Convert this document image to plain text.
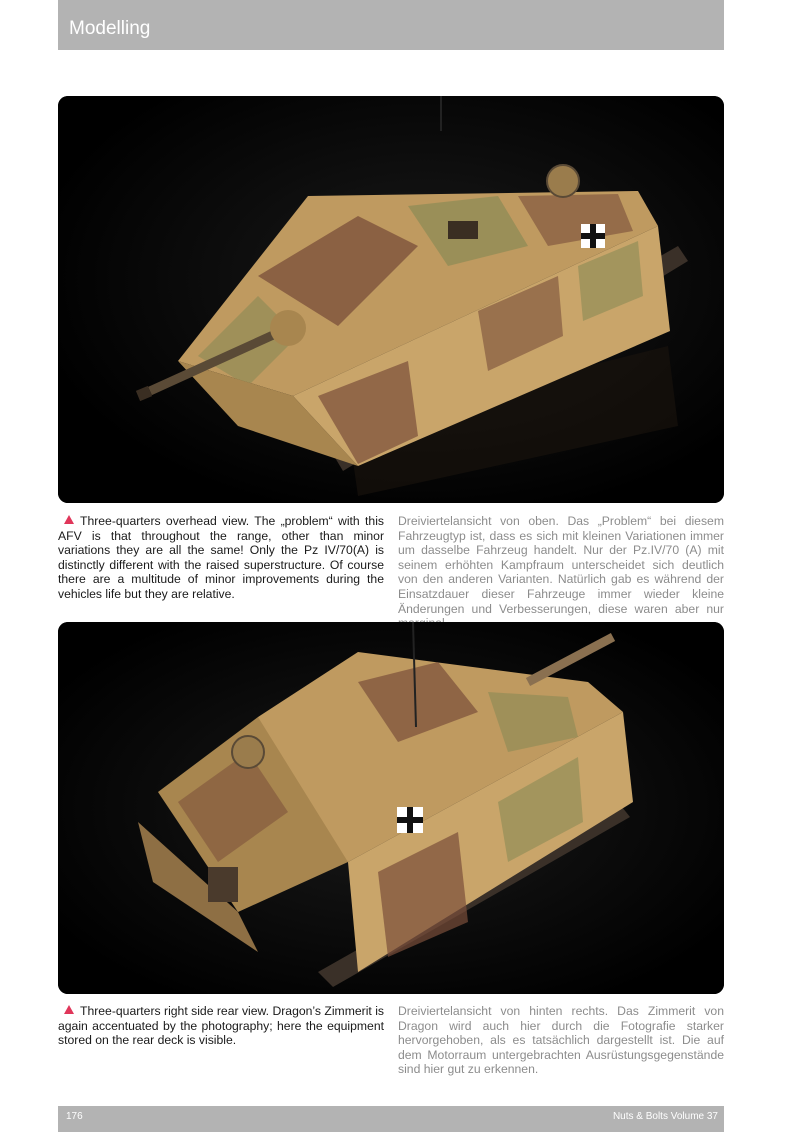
Modelling
Three-quarters overhead view. The „problem“ with this AFV is that throughout the range, other than minor variations they are all the same! Only the Pz IV/70(A) is distinctly different with the raised superstructure. Of course there are a multitude of minor improvements during the vehicles life but they are relative.
Dreiviertelansicht von oben. Das „Problem“ bei diesem Fahrzeugtyp ist, dass es sich mit kleinen Variationen immer um dasselbe Fahrzeug handelt. Nur der Pz.IV/70 (A) mit seinem erhöhten Kampfraum unterscheidet sich deutlich von den anderen Varianten. Natürlich gab es während der Einsatzdauer dieser Fahrzeuge immer wieder kleine Änderungen und Verbesserungen, diese waren aber nur
Three-quarters right side rear view. Dragon’s Zimmerit is again accentuated by the photography; here the equipment stored on the rear deck is visible.
Dreiviertelansicht von hinten rechts. Das Zimmerit von Dragon wird auch hier durch die Fotografie starker hervorgehoben, als es tatsächlich dargestellt ist. Die auf dem Motorraum untergebrachten Ausrüstungsgegenstände sind hier gut zu erkennen.
176	Nuts & Bolts Volume 37
